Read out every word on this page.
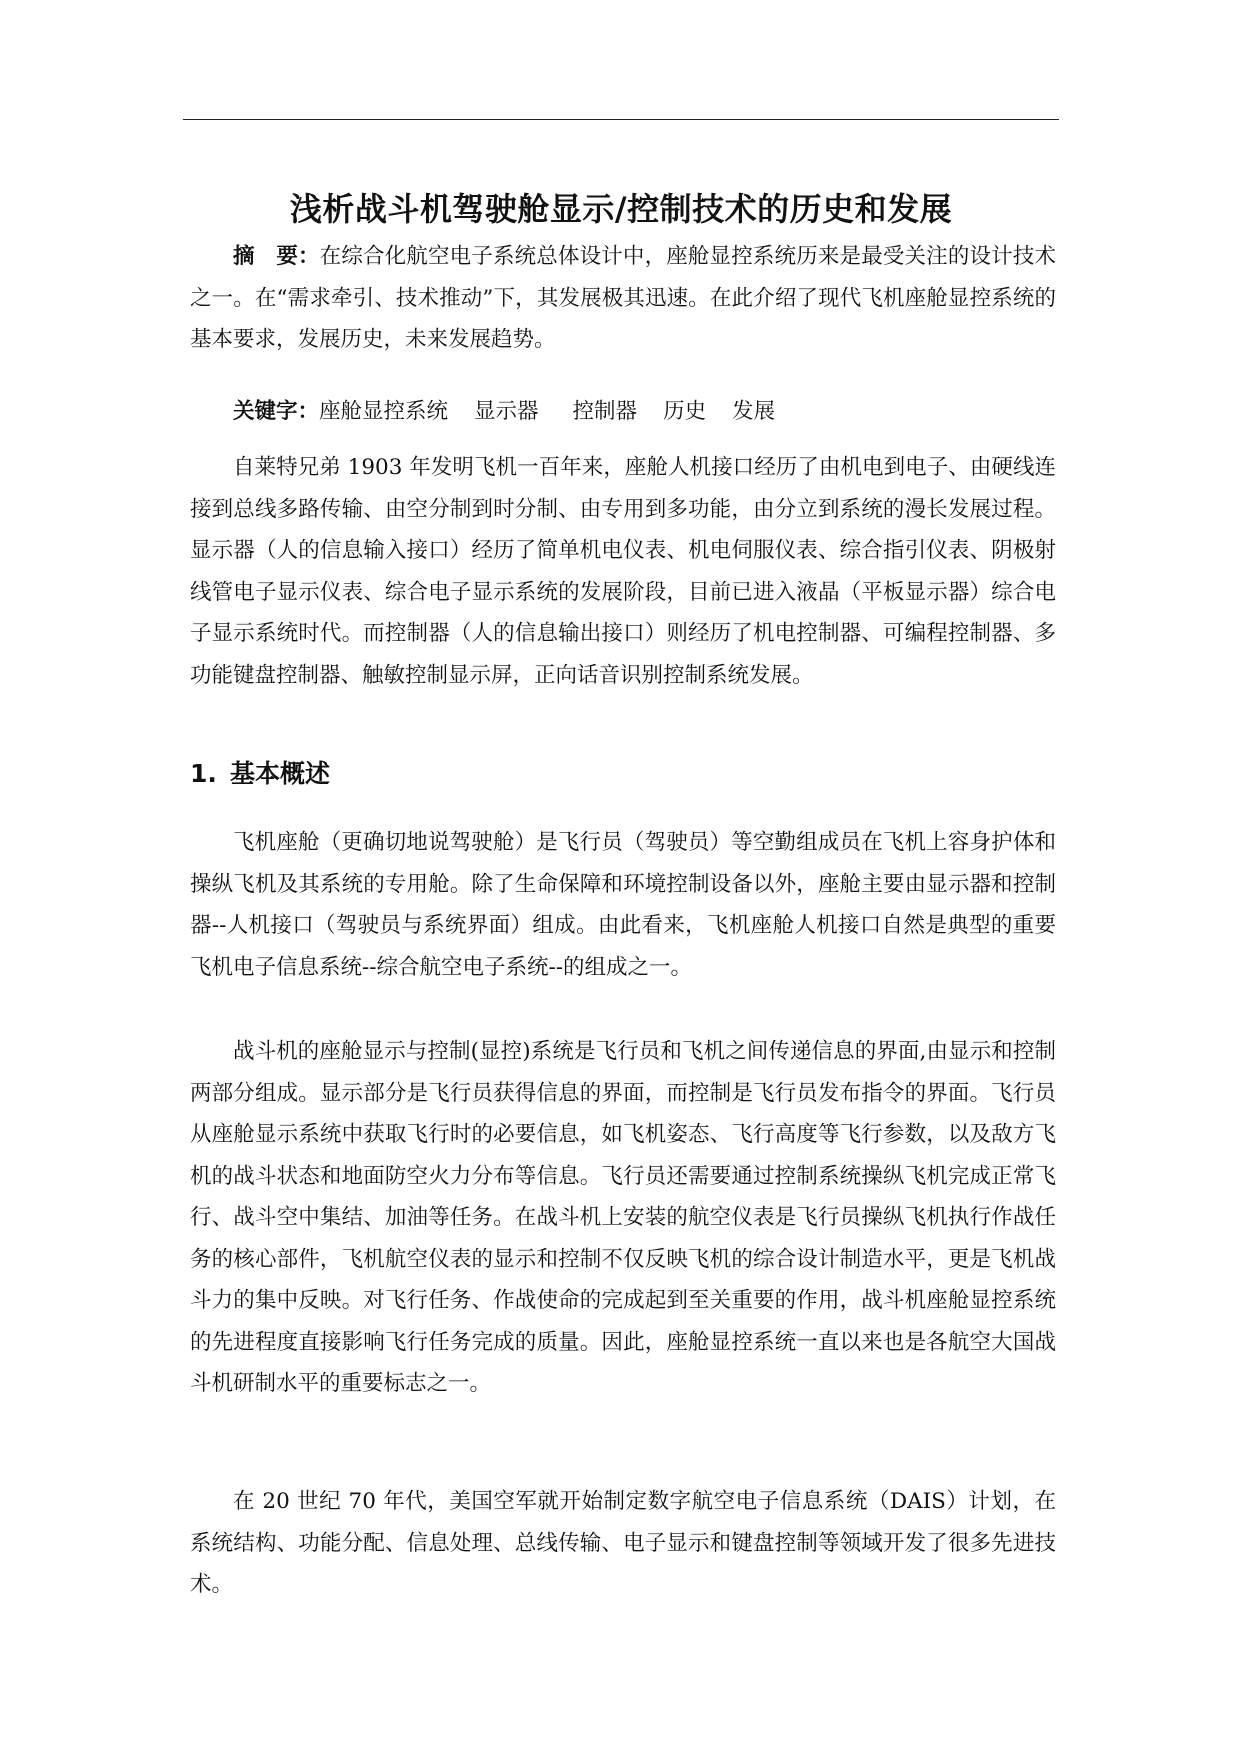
浅析战斗机驾驶舱显示/控制技术的历史和发展

摘　要：在综合化航空电子系统总体设计中，座舱显控系统历来是最受关注的设计技术之一。在“需求牵引、技术推动”下，其发展极其迅速。在此介绍了现代飞机座舱显控系统的基本要求，发展历史，未来发展趋势。

关键字：座舱显控系统 显示器 控制器 历史 发展

自莱特兄弟 1903 年发明飞机一百年来，座舱人机接口经历了由机电到电子、由硬线连接到总线多路传输、由空分制到时分制、由专用到多功能，由分立到系统的漫长发展过程。显示器（人的信息输入接口）经历了简单机电仪表、机电伺服仪表、综合指引仪表、阴极射线管电子显示仪表、综合电子显示系统的发展阶段，目前已进入液晶（平板显示器）综合电子显示系统时代。而控制器（人的信息输出接口）则经历了机电控制器、可编程控制器、多功能键盘控制器、触敏控制显示屏，正向话音识别控制系统发展。

1. 基本概述

飞机座舱（更确切地说驾驶舱）是飞行员（驾驶员）等空勤组成员在飞机上容身护体和操纵飞机及其系统的专用舱。除了生命保障和环境控制设备以外，座舱主要由显示器和控制器--人机接口（驾驶员与系统界面）组成。由此看来，飞机座舱人机接口自然是典型的重要飞机电子信息系统--综合航空电子系统--的组成之一。

战斗机的座舱显示与控制(显控)系统是飞行员和飞机之间传递信息的界面,由显示和控制两部分组成。显示部分是飞行员获得信息的界面，而控制是飞行员发布指令的界面。飞行员从座舱显示系统中获取飞行时的必要信息，如飞机姿态、飞行高度等飞行参数，以及敌方飞机的战斗状态和地面防空火力分布等信息。飞行员还需要通过控制系统操纵飞机完成正常飞行、战斗空中集结、加油等任务。在战斗机上安装的航空仪表是飞行员操纵飞机执行作战任务的核心部件，飞机航空仪表的显示和控制不仅反映飞机的综合设计制造水平，更是飞机战斗力的集中反映。对飞行任务、作战使命的完成起到至关重要的作用，战斗机座舱显控系统的先进程度直接影响飞行任务完成的质量。因此，座舱显控系统一直以来也是各航空大国战斗机研制水平的重要标志之一。

在 20 世纪 70 年代，美国空军就开始制定数字航空电子信息系统（DAIS）计划，在系统结构、功能分配、信息处理、总线传输、电子显示和键盘控制等领域开发了很多先进技术。
